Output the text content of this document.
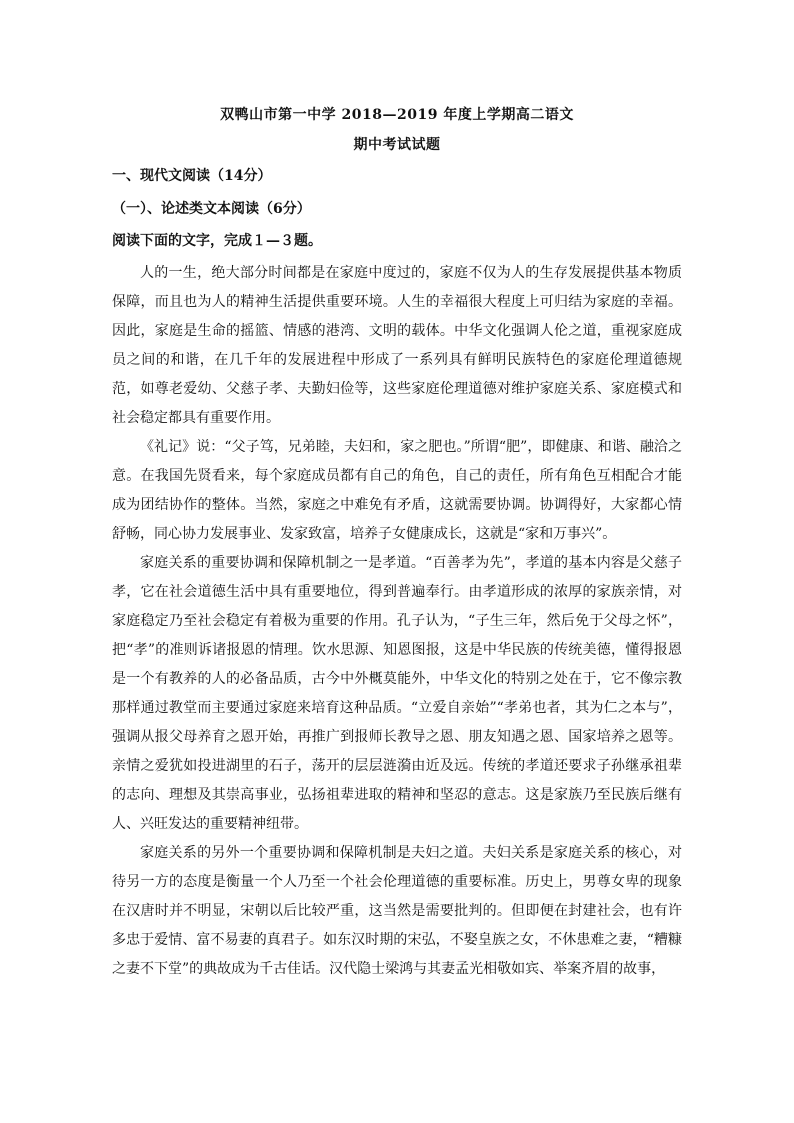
双鸭山市第一中学 2018—2019 年度上学期高二语文
期中考试试题
一、现代文阅读（14分）
（一）、论述类文本阅读（6分）
阅读下面的文字，完成１—３题。

人的一生，绝大部分时间都是在家庭中度过的，家庭不仅为人的生存发展提供基本物质保障，而且也为人的精神生活提供重要环境。人生的幸福很大程度上可归结为家庭的幸福。因此，家庭是生命的摇篮、情感的港湾、文明的载体。中华文化强调人伦之道，重视家庭成员之间的和谐，在几千年的发展进程中形成了一系列具有鲜明民族特色的家庭伦理道德规范，如尊老爱幼、父慈子孝、夫勤妇俭等，这些家庭伦理道德对维护家庭关系、家庭模式和社会稳定都具有重要作用。

《礼记》说：“父子笃，兄弟睦，夫妇和，家之肥也。”所谓“肥”，即健康、和谐、融洽之意。在我国先贤看来，每个家庭成员都有自己的角色，自己的责任，所有角色互相配合才能成为团结协作的整体。当然，家庭之中难免有矛盾，这就需要协调。协调得好，大家都心情舒畅，同心协力发展事业、发家致富，培养子女健康成长，这就是“家和万事兴”。

家庭关系的重要协调和保障机制之一是孝道。“百善孝为先”，孝道的基本内容是父慈子孝，它在社会道德生活中具有重要地位，得到普遍奉行。由孝道形成的浓厚的家族亲情，对家庭稳定乃至社会稳定有着极为重要的作用。孔子认为，“子生三年，然后免于父母之怀”，把“孝”的准则诉诸报恩的情理。饮水思源、知恩图报，这是中华民族的传统美德，懂得报恩是一个有教养的人的必备品质，古今中外概莫能外，中华文化的特别之处在于，它不像宗教那样通过教堂而主要通过家庭来培育这种品质。“立爱自亲始”“孝弟也者，其为仁之本与”，强调从报父母养育之恩开始，再推广到报师长教导之恩、朋友知遇之恩、国家培养之恩等。亲情之爱犹如投进湖里的石子，荡开的层层涟漪由近及远。传统的孝道还要求子孙继承祖辈的志向、理想及其崇高事业，弘扬祖辈进取的精神和坚忍的意志。这是家族乃至民族后继有人、兴旺发达的重要精神纽带。

家庭关系的另外一个重要协调和保障机制是夫妇之道。夫妇关系是家庭关系的核心，对待另一方的态度是衡量一个人乃至一个社会伦理道德的重要标准。历史上，男尊女卑的现象在汉唐时并不明显，宋朝以后比较严重，这当然是需要批判的。但即便在封建社会，也有许多忠于爱情、富不易妻的真君子。如东汉时期的宋弘，不娶皇族之女，不休患难之妻，“糟糠之妻不下堂”的典故成为千古佳话。汉代隐士梁鸿与其妻孟光相敬如宾、举案齐眉的故事，
